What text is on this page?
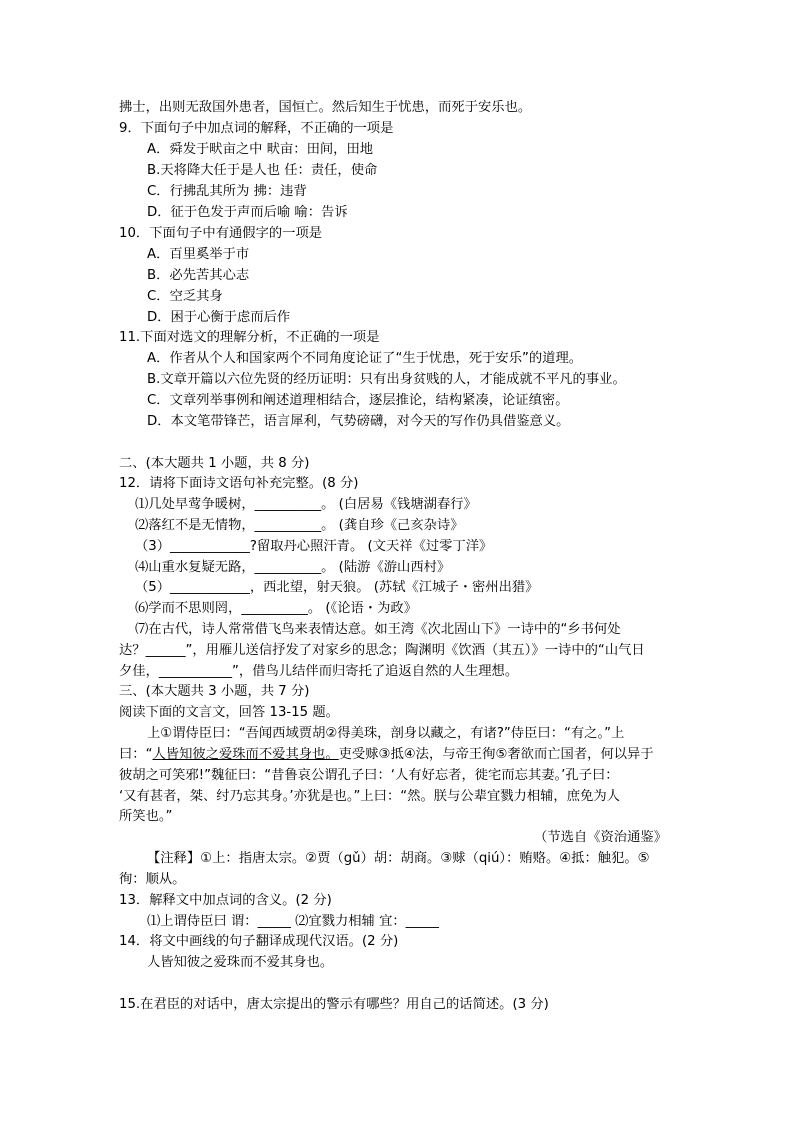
拂士，出则无敌国外患者，国恒亡。然后知生于忧患，而死于安乐也。
9．下面句子中加点词的解释，不正确的一项是
A．舜发于畎亩之中 畎亩：田间，田地
B.天将降大任于是人也 任：责任，使命
C．行拂乱其所为 拂：违背
D．征于色发于声而后喻 喻：告诉
10．下面句子中有通假字的一项是
A．百里奚举于市
B．必先苦其心志
C．空乏其身
D．困于心衡于虑而后作
11.下面对选文的理解分析，不正确的一项是
A．作者从个人和国家两个不同角度论证了“生于忧患，死于安乐”的道理。
B.文章开篇以六位先贤的经历证明：只有出身贫贱的人，才能成就不平凡的事业。
C．文章列举事例和阐述道理相结合，逐层推论，结构紧凑，论证缜密。
D．本文笔带锋芒，语言犀利，气势磅礴，对今天的写作仍具借鉴意义。
二、(本大题共 1 小题，共 8 分)
12．请将下面诗文语句补充完整。(8 分)
⑴几处早莺争暖树，__________。 (白居易《钱塘湖春行》
⑵落红不是无情物，__________。 (龚自珍《己亥杂诗》
（3）____________?留取丹心照汗青。 (文天祥《过零丁洋》
⑷山重水复疑无路，__________。 (陆游《游山西村》
（5）____________，西北望，射天狼。 (苏轼《江城子・密州出猎》
⑹学而不思则罔，__________。 (《论语・为政》
⑺在古代，诗人常常借飞鸟来表情达意。如王湾《次北固山下》一诗中的“乡书何处
达？______”，用雁儿送信抒发了对家乡的思念；陶渊明《饮酒（其五）》一诗中的“山气日
夕佳，___________”，借鸟儿结伴而归寄托了追返自然的人生理想。
三、(本大题共 3 小题，共 7 分)
阅读下面的文言文，回答 13-15 题。
上①谓侍臣曰：“吾闻西域贾胡②得美珠，剖身以藏之，有诸?”侍臣曰：“有之。”上
曰：“人皆知彼之爱珠而不爱其身也。吏受赇③抵④法，与帝王徇⑤奢欲而亡国者，何以异于
彼胡之可笑邪!”魏征曰：“昔鲁哀公谓孔子曰：‘人有好忘者，徙宅而忘其妻。’孔子曰：
‘又有甚者，桀、纣乃忘其身。’亦犹是也。”上曰：“然。朕与公辈宜戮力相辅，庶免为人
所笑也。”
（节选自《资治通鉴》
【注释】①上：指唐太宗。②贾（gǔ）胡：胡商。③赇（qiú）：贿赂。④抵：触犯。⑤
徇：顺从。
13．解释文中加点词的含义。(2 分)
⑴上谓侍臣曰 谓：_____ ⑵宜戮力相辅 宜：_____
14．将文中画线的句子翻译成现代汉语。(2 分)
人皆知彼之爱珠而不爱其身也。
15.在君臣的对话中，唐太宗提出的警示有哪些？用自己的话简述。(3 分)
